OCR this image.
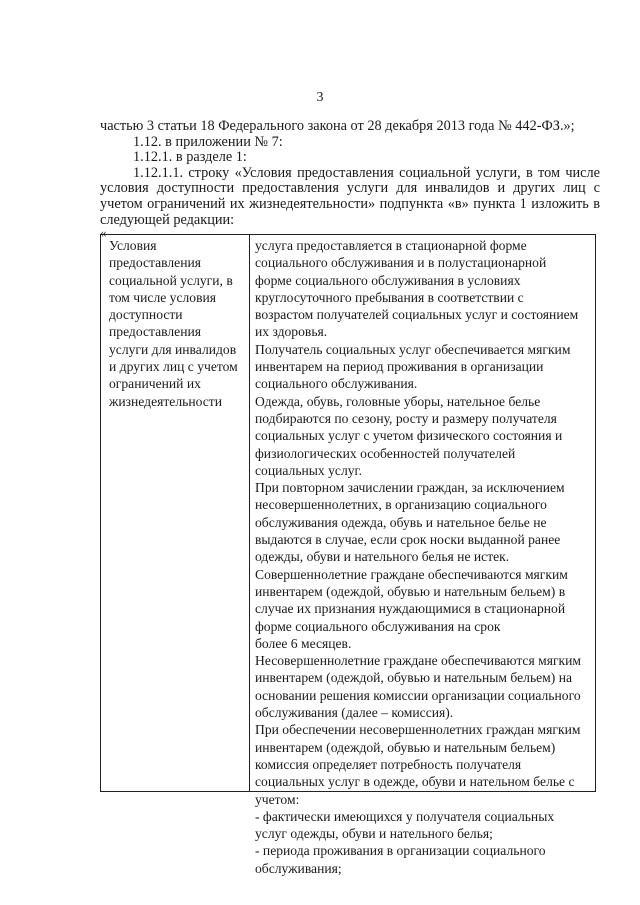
3

частью 3 статьи 18 Федерального закона от 28 декабря 2013 года № 442-ФЗ.»;

1.12. в приложении № 7:

1.12.1. в разделе 1:

1.12.1.1. строку «Условия предоставления социальной услуги, в том числе условия доступности предоставления услуги для инвалидов и других лиц с учетом ограничений их жизнедеятельности» подпункта «в» пункта 1 изложить в следующей редакции:

«
Условия
предоставления
социальной услуги, в
том числе условия
доступности
предоставления
услуги для инвалидов
и других лиц с учетом
ограничений их
жизнедеятельности
услуга предоставляется в стационарной форме
социального обслуживания и в полустационарной
форме социального обслуживания в условиях
круглосуточного пребывания в соответствии с
возрастом получателей социальных услуг и состоянием
их здоровья.
Получатель социальных услуг обеспечивается мягким
инвентарем на период проживания в организации
социального обслуживания.
Одежда, обувь, головные уборы, нательное белье
подбираются по сезону, росту и размеру получателя
социальных услуг с учетом физического состояния и
физиологических особенностей получателей
социальных услуг.
При повторном зачислении граждан, за исключением
несовершеннолетних, в организацию социального
обслуживания одежда, обувь и нательное белье не
выдаются в случае, если срок носки выданной ранее
одежды, обуви и нательного белья не истек.
Совершеннолетние граждане обеспечиваются мягким
инвентарем (одеждой, обувью и нательным бельем) в
случае их признания нуждающимися в стационарной
форме социального обслуживания на срок
более 6 месяцев.
Несовершеннолетние граждане обеспечиваются мягким
инвентарем (одеждой, обувью и нательным бельем) на
основании решения комиссии организации социального
обслуживания (далее – комиссия).
При обеспечении несовершеннолетних граждан мягким
инвентарем (одеждой, обувью и нательным бельем)
комиссия определяет потребность получателя
социальных услуг в одежде, обуви и нательном белье с
учетом:
- фактически имеющихся у получателя социальных
услуг одежды, обуви и нательного белья;
- периода проживания в организации социального
обслуживания;
